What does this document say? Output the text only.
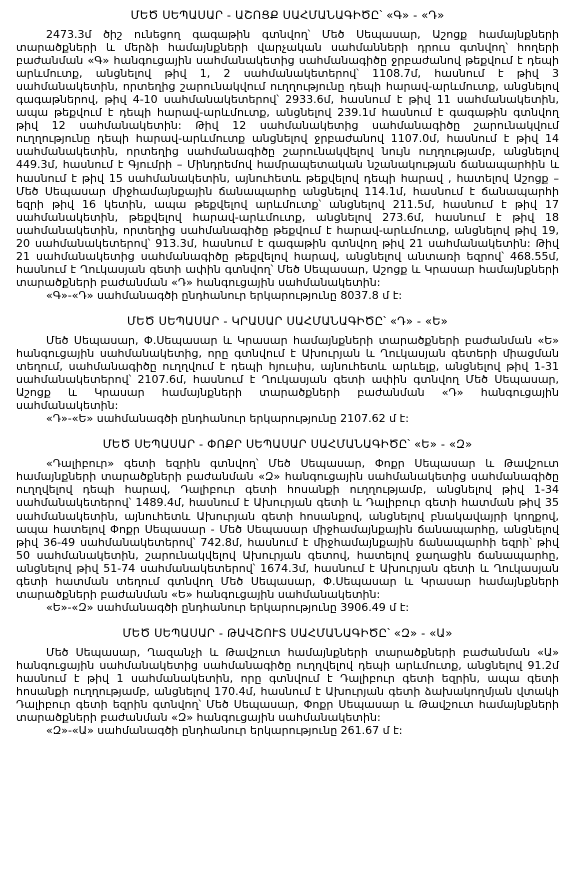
ՄԵԾ ՍԵՊԱՍԱՐ - ԱՇՈՑՔ ՍԱՀՄԱՆԱԳԻԾԸ՝ «Գ» - «Դ»

2473.3մ ծիշ ունեցող գագաթին գտնվող՝ Մեծ Սեպասար, Աշոցք համայնքների տարածքների և մերձի համայնքների վարչական սահմանների դրուս գտնվող՝ հողերի բաժանման «Գ» հանգուցային սահմանակետից սահմանագիծը ջրբաժանով թեքվում է դեպի արևմուտք, անցնելով թիվ 1, 2 սահմանակետերով՝ 1108.7մ, հասնում է թիվ 3 սահմանակետին, որտեղից շարունակվում ուղղությունը դեպի հարավ-արևմուտք, անցնելով գագաթներով, թիվ 4-10 սահմանակետերով՝ 2933.6մ, հասնում է թիվ 11 սահմանակետին, ապա թեքվում է դեպի հարավ-արևմուտք, անցնելով 239.1մ հասնում է գագաթին գտնվող թիվ 12 սահմանակետին: Թիվ 12 սահմանակետից սահմանագիծը շարունակվում ուղղությունը դեպի հարավ-արևմուտք անցնելով ջրբաժանով 1107.0մ, հասնում է թիվ 14 սահմանակետին, որտեղից սահմանագիծը շարունակվելով նույն ուղղությամբ, անցնելով 449.3մ, հասնում է Գյումրի – Մինդրեմով համրապետական նշանակության ճանապարհին և հասնում է թիվ 15 սահմանակետին, այնուհետև թեքվելով դեպի հարավ , հատելով Աշոցք – Մեծ Սեպասար միջհամայնքային ճանապարհը անցնելով 114.1մ, հասնում է ճանապարհի եզրի թիվ 16 կետին, ապա թեքվելով արևմուտք՝ անցնելով 211.5մ, հասնում է թիվ 17 սահմանակետին, թեքվելով հարավ-արևմուտք, անցնելով 273.6մ, հասնում է թիվ 18 սահմանակետին, որտեղից սահմանագիծը թեքվում է հարավ-արևմուտք, անցնելով թիվ 19, 20 սահմանակետերով՝ 913.3մ, հասնում է գագաթին գտնվող թիվ 21 սահմանակետին: Թիվ 21 սահմանակետից սահմանագիծը թեքվելով հարավ, անցնելով անտառի եզրով՝ 468.55մ, հասնում է Ղուկասյան գետի ափին գտնվող՝ Մեծ Սեպասար, Աշոցք և Կրասար համայնքների տարածքների բաժանման «Դ» հանգուցային սահմանակետին:

«Գ»-«Դ» սահմանագծի ընդհանուր երկարությունը 8037.8 մ է:
ՄԵԾ ՍԵՊԱՍԱՐ - ԿՐԱՍԱՐ ՍԱՀՄԱՆԱԳԻԾԸ՝ «Դ» - «Ե»

Մեծ Սեպասար, Փ.Սեպասար և Կրասար համայնքների տարածքների բաժանման «Ե» հանգուցային սահմանակետից, որը գտնվում է Ախուրյան և Ղուկասյան գետերի միացման տեղում, սահմանագիծը ուղղվում է դեպի հյուսիս, այնուհետև արևելք, անցնելով թիվ 1-31 սահմանակետերով՝ 2107.6մ, հասնում է Ղուկասյան գետի ափին գտնվող Մեծ Սեպասար, Աշոցք և Կրասար համայնքների տարածքների բաժանման «Դ» հանգուցային սահմանակետին:

«Դ»-«Ե» սահմանագծի ընդհանուր երկարությունը 2107.62 մ է:
ՄԵԾ ՍԵՊԱՍԱՐ - ՓՈՔՐ ՍԵՊԱՍԱՐ ՍԱՀՄԱՆԱԳԻԾԸ՝ «Ե» - «Զ»

«Դալիբուր» գետի եզրին գտնվող՝ Մեծ Սեպասար, Փոքր Սեպասար և Թավշուտ համայնքների տարածքների բաժանման «Զ» հանգուցային սահմանակետից սահմանագիծը ուղղվելով դեպի հարավ, Դալիբուր գետի հոսանքի ուղղությամբ, անցնելով թիվ 1-34 սահմանակետերով՝ 1489.4մ, հասնում է Ախուրյան գետի և Դալիբուր գետի հատման թիվ 35 սահմանակետին, այնուհետև Ախուրյան գետի հոսանքով, անցնելով բնակավայրի կողքով, ապա հատելով Փոքր Սեպասար - Մեծ Սեպասար միջհամայնքային ճանապարհը, անցնելով թիվ 36-49 սահմանակետերով՝ 742.8մ, հասնում է միջհամայնքային ճանապարհի եզրի՝ թիվ 50 սահմանակետին, շարունակվելով Ախուրյան գետով, հատելով ջաղացին ճանապարհը, անցնելով թիվ 51-74 սահմանակետերով՝ 1674.3մ, հասնում է Ախուրյան գետի և Ղուկասյան գետի հատման տեղում գտնվող Մեծ Սեպասար, Փ.Սեպասար և Կրասար համայնքների տարածքների բաժանման «Ե» հանգուցային սահմանակետին:

«Ե»-«Զ» սահմանագծի ընդհանուր երկարությունը 3906.49 մ է:
ՄԵԾ ՍԵՊԱՍԱՐ - ԹԱՎՇՈՒՏ ՍԱՀՄԱՆԱԳԻԾԸ՝ «Զ» - «Ա»

Մեծ Սեպասար, Ղազանչի և Թավշուտ համայնքների տարածքների բաժանման «Ա» հանգուցային սահմանակետից սահմանագիծը ուղղվելով դեպի արևմուտք, անցնելով 91.2մ հասնում է թիվ 1 սահմանակետին, որը գտնվում է Դալիբուր գետի եզրին, ապա գետի հոսանքի ուղղությամբ, անցնելով 170.4մ, հասնում է Ախուրյան գետի ձախակողմյան վտակի Դալիբուր գետի եզրին գտնվող՝ Մեծ Սեպասար, Փոքր Սեպասար և Թավշուտ համայնքների տարածքների բաժանման «Զ» հանգուցային սահմանակետին:

«Զ»-«Ա» սահմանագծի ընդհանուր երկարությունը 261.67 մ է:
